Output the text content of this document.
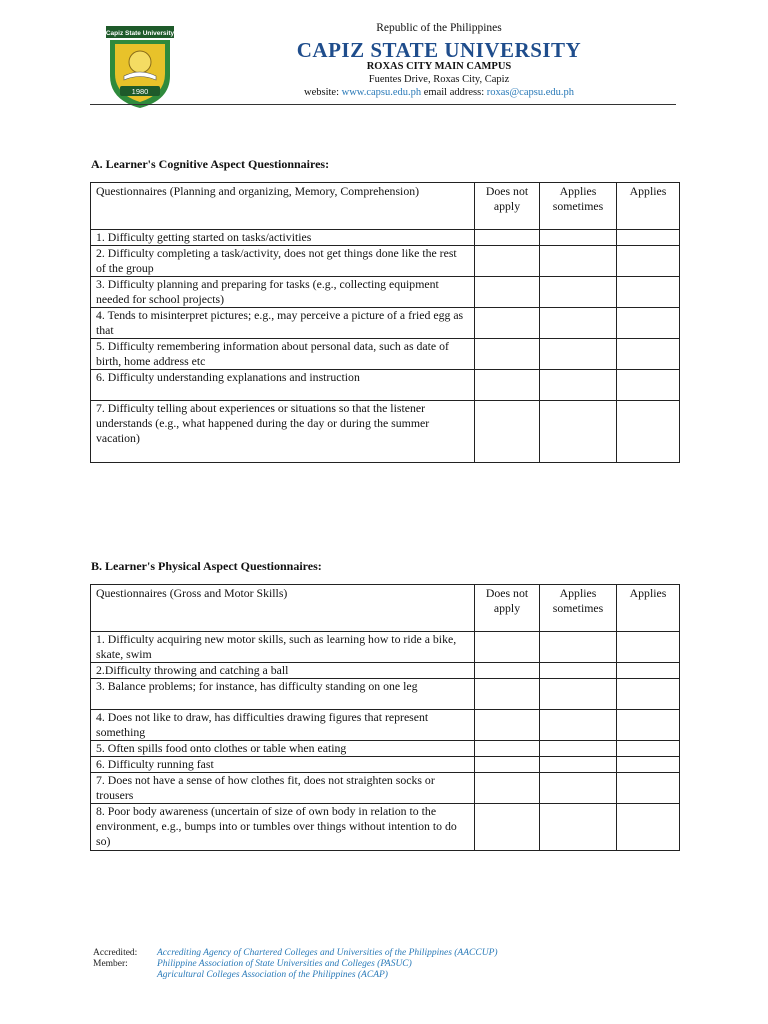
Capiz State University
1980
Republic of the Philippines
CAPIZ STATE UNIVERSITY
ROXAS CITY MAIN CAMPUS
Fuentes Drive, Roxas City, Capiz
website: www.capsu.edu.ph email address: roxas@capsu.edu.ph
A. Learner's Cognitive Aspect Questionnaires:
Questionnaires (Planning and organizing, Memory, Comprehension)	Does not apply	Applies sometimes	Applies
1. Difficulty getting started on tasks/activities			
2. Difficulty completing a task/activity, does not get things done like the rest of the group			
3. Difficulty planning and preparing for tasks (e.g., collecting equipment needed for school projects)			
4. Tends to misinterpret pictures; e.g., may perceive a picture of a fried egg as that			
5. Difficulty remembering information about personal data, such as date of birth, home address etc			
6. Difficulty understanding explanations and instruction			
7. Difficulty telling about experiences or situations so that the listener understands (e.g., what happened during the day or during the summer vacation)			
B. Learner's Physical Aspect Questionnaires:
Questionnaires (Gross and Motor Skills)	Does not apply	Applies sometimes	Applies
1. Difficulty acquiring new motor skills, such as learning how to ride a bike, skate, swim			
2.Difficulty throwing and catching a ball			
3. Balance problems; for instance, has difficulty standing on one leg			
4. Does not like to draw, has difficulties drawing figures that represent something			
5. Often spills food onto clothes or table when eating			
6. Difficulty running fast			
7. Does not have a sense of how clothes fit, does not straighten socks or trousers			
8. Poor body awareness (uncertain of size of own body in relation to the environment, e.g., bumps into or tumbles over things without intention to do so)			
Accredited:	Accrediting Agency of Chartered Colleges and Universities of the Philippines (AACCUP)
Member:	Philippine Association of State Universities and Colleges (PASUC)
Agricultural Colleges Association of the Philippines (ACAP)
